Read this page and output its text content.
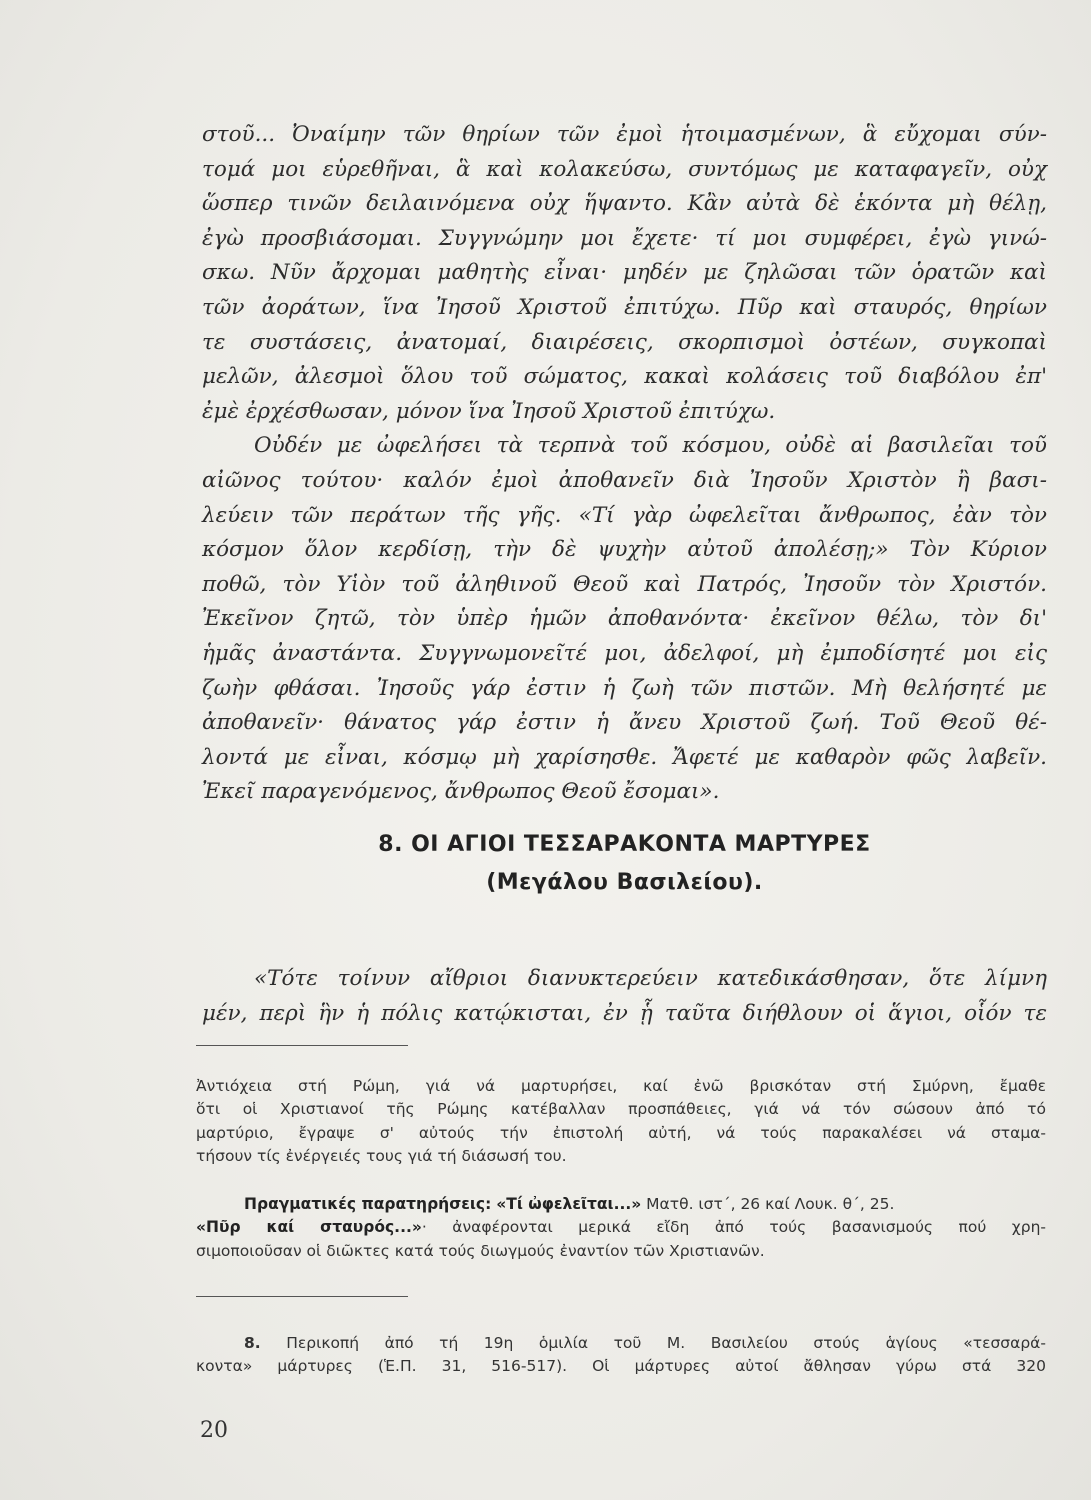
στοῦ... Ὀναίμην τῶν θηρίων τῶν ἐμοὶ ἡτοιμασμένων, ἃ εὔχομαι σύν-
τομά μοι εὑρεθῆναι, ἃ καὶ κολακεύσω, συντόμως με καταφαγεῖν, οὐχ
ὥσπερ τινῶν δειλαινόμενα οὐχ ἥψαντο. Κἂν αὐτὰ δὲ ἑκόντα μὴ θέλῃ,
ἐγὼ προσβιάσομαι. Συγγνώμην μοι ἔχετε· τί μοι συμφέρει, ἐγὼ γινώ-
σκω. Νῦν ἄρχομαι μαθητὴς εἶναι· μηδέν με ζηλῶσαι τῶν ὁρατῶν καὶ
τῶν ἀοράτων, ἵνα Ἰησοῦ Χριστοῦ ἐπιτύχω. Πῦρ καὶ σταυρός, θηρίων
τε συστάσεις, ἀνατομαί, διαιρέσεις, σκορπισμοὶ ὀστέων, συγκοπαὶ
μελῶν, ἀλεσμοὶ ὅλου τοῦ σώματος, κακαὶ κολάσεις τοῦ διαβόλου ἐπ'
ἐμὲ ἐρχέσθωσαν, μόνον ἵνα Ἰησοῦ Χριστοῦ ἐπιτύχω.
Οὐδέν με ὠφελήσει τὰ τερπνὰ τοῦ κόσμου, οὐδὲ αἱ βασιλεῖαι τοῦ
αἰῶνος τούτου· καλόν ἐμοὶ ἀποθανεῖν διὰ Ἰησοῦν Χριστὸν ἢ βασι-
λεύειν τῶν περάτων τῆς γῆς. «Τί γὰρ ὠφελεῖται ἄνθρωπος, ἐὰν τὸν
κόσμον ὅλον κερδίσῃ, τὴν δὲ ψυχὴν αὐτοῦ ἀπολέσῃ;» Τὸν Κύριον
ποθῶ, τὸν Υἱὸν τοῦ ἀληθινοῦ Θεοῦ καὶ Πατρός, Ἰησοῦν τὸν Χριστόν.
Ἐκεῖνον ζητῶ, τὸν ὑπὲρ ἡμῶν ἀποθανόντα· ἐκεῖνον θέλω, τὸν δι'
ἡμᾶς ἀναστάντα. Συγγνωμονεῖτέ μοι, ἀδελφοί, μὴ ἐμποδίσητέ μοι εἰς
ζωὴν φθάσαι. Ἰησοῦς γάρ ἐστιν ἡ ζωὴ τῶν πιστῶν. Μὴ θελήσητέ με
ἀποθανεῖν· θάνατος γάρ ἐστιν ἡ ἄνευ Χριστοῦ ζωή. Τοῦ Θεοῦ θέ-
λοντά με εἶναι, κόσμῳ μὴ χαρίσησθε. Ἄφετέ με καθαρὸν φῶς λαβεῖν.
Ἐκεῖ παραγενόμενος, ἄνθρωπος Θεοῦ ἔσομαι».
8. ΟΙ ΑΓΙΟΙ ΤΕΣΣΑΡΑΚΟΝΤΑ ΜΑΡΤΥΡΕΣ
(Μεγάλου Βασιλείου).
«Τότε τοίνυν αἴθριοι διανυκτερεύειν κατεδικάσθησαν, ὅτε λίμνη
μέν, περὶ ἣν ἡ πόλις κατῴκισται, ἐν ᾗ ταῦτα διήθλουν οἱ ἅγιοι, οἷόν τε
Ἀντιόχεια στή Ρώμη, γιά νά μαρτυρήσει, καί ἐνῶ βρισκόταν στή Σμύρνη, ἔμαθε
ὅτι οἱ Χριστιανοί τῆς Ρώμης κατέβαλλαν προσπάθειες, γιά νά τόν σώσουν ἀπό τό
μαρτύριο, ἔγραψε σ' αὐτούς τήν ἐπιστολή αὐτή, νά τούς παρακαλέσει νά σταμα-
τήσουν τίς ἐνέργειές τους γιά τή διάσωσή του.
Πραγματικές παρατηρήσεις: «Τί ὠφελεῖται...» Ματθ. ιστ΄, 26 καί Λουκ. θ΄, 25.
«Πῦρ καί σταυρός...»· ἀναφέρονται μερικά εἴδη ἀπό τούς βασανισμούς πού χρη-
σιμοποιοῦσαν οἱ διῶκτες κατά τούς διωγμούς ἐναντίον τῶν Χριστιανῶν.
8. Περικοπή ἀπό τή 19η ὁμιλία τοῦ Μ. Βασιλείου στούς ἁγίους «τεσσαρά-
κοντα» μάρτυρες (Ἑ.Π. 31, 516-517). Οἱ μάρτυρες αὐτοί ἄθλησαν γύρω στά 320
20
